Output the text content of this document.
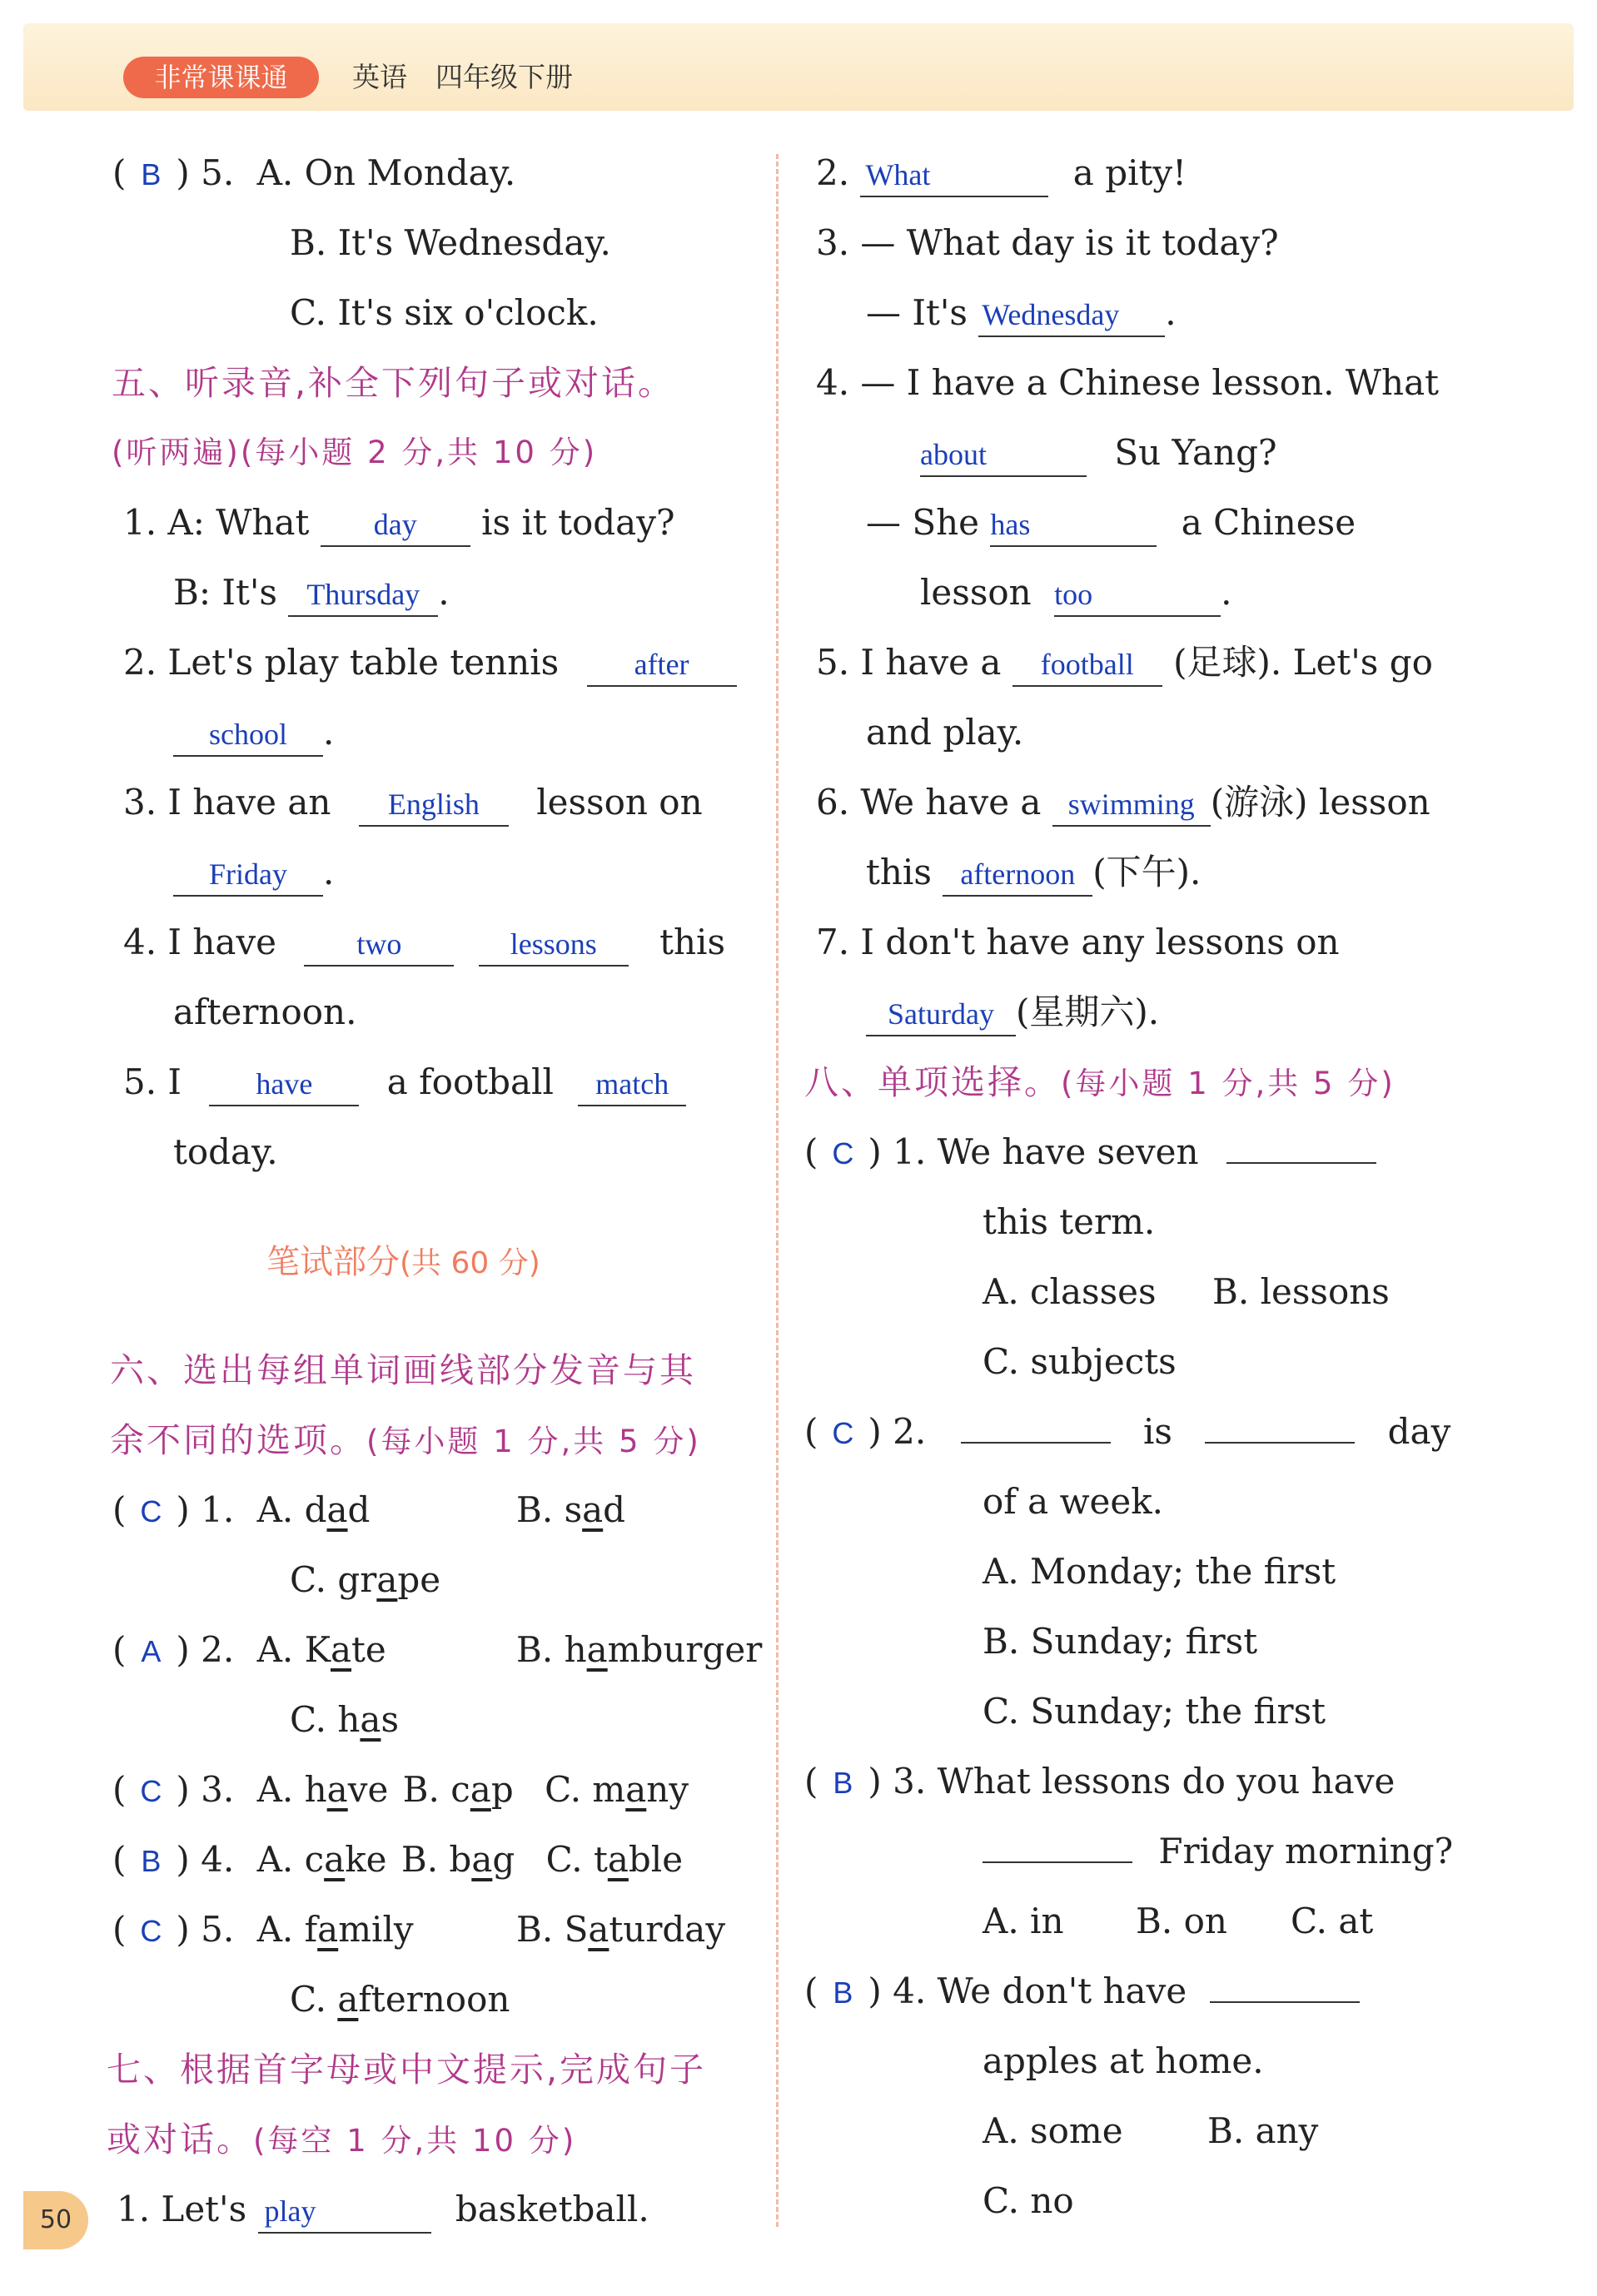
非常课课通	英语 四年级下册
( B ) 5. A. On Monday.
B. It's Wednesday.
C. It's six o'clock.
五、听录音,补全下列句子或对话。
(听两遍)(每小题 2 分,共 10 分)
1. A: What day is it today?
B: It's Thursday .
2. Let's play table tennis	after
school .
3. I have an English lesson on
Friday .
4. I have	two	lessons this
afternoon.
5. I have a football match
today.
笔试部分(共 60 分)
六、选出每组单词画线部分发音与其
余不同的选项。(每小题 1 分,共 5 分)
( C ) 1. A. dad	B. sad
C. grape
( A ) 2. A. Kate	B. hamburger
C. has
( C ) 3. A. have B. cap C. many
( B ) 4. A. cake B. bag C. table
( C ) 5. A. family	B. Saturday
C. afternoon
七、根据首字母或中文提示,完成句子
或对话。(每空 1 分,共 10 分)
1. Let's play	basketball.
2. What	a pity!
3. — What day is it today?
— It's Wednesday .
4. — I have a Chinese lesson. What
about	Su Yang?
— She has	a Chinese
lesson too	.
5. I have a football (足球). Let's go
and play.
6. We have a swimming (游泳) lesson
this afternoon (下午).
7. I don't have any lessons on
Saturday (星期六).
八、单项选择。(每小题 1 分,共 5 分)
( C ) 1. We have seven
this term.
A. classes B. lessons
C. subjects
( C ) 2.	is	day
of a week.
A. Monday; the first
B. Sunday; first
C. Sunday; the first
( B ) 3. What lessons do you have
Friday morning?
A. in B. on C. at
( B ) 4. We don't have
apples at home.
A. some B. any
C. no
50
